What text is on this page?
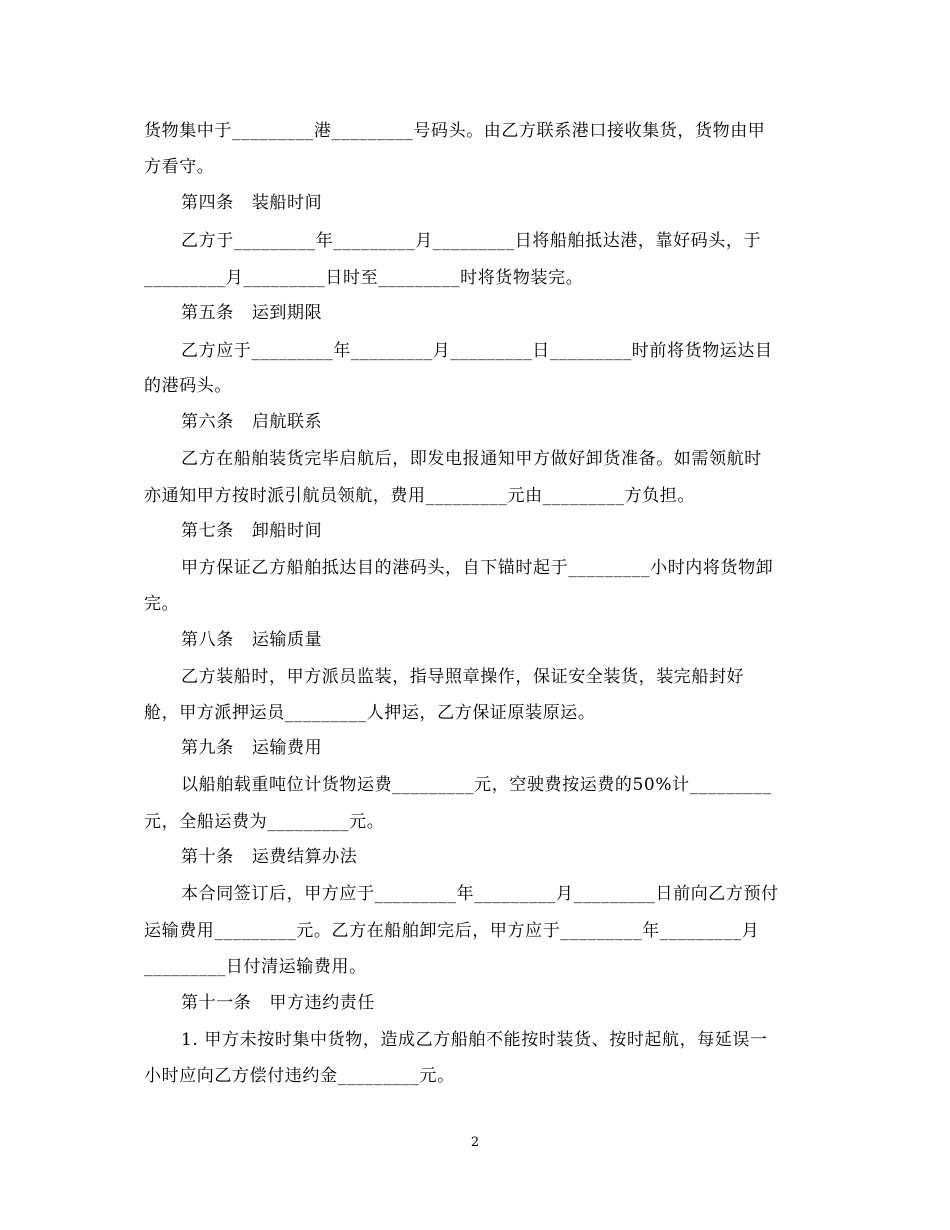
货物集中于_________港_________号码头。由乙方联系港口接收集货，货物由甲
方看守。
第四条 装船时间
乙方于_________年_________月_________日将船舶抵达港，靠好码头，于
_________月_________日时至_________时将货物装完。
第五条 运到期限
乙方应于_________年_________月_________日_________时前将货物运达目
的港码头。
第六条 启航联系
乙方在船舶装货完毕启航后，即发电报通知甲方做好卸货准备。如需领航时
亦通知甲方按时派引航员领航，费用_________元由_________方负担。
第七条 卸船时间
甲方保证乙方船舶抵达目的港码头，自下锚时起于_________小时内将货物卸
完。
第八条 运输质量
乙方装船时，甲方派员监装，指导照章操作，保证安全装货，装完船封好
舱，甲方派押运员_________人押运，乙方保证原装原运。
第九条 运输费用
以船舶载重吨位计货物运费_________元，空驶费按运费的50%计_________
元，全船运费为_________元。
第十条 运费结算办法
本合同签订后，甲方应于_________年_________月_________日前向乙方预付
运输费用_________元。乙方在船舶卸完后，甲方应于_________年_________月
_________日付清运输费用。
第十一条 甲方违约责任
1. 甲方未按时集中货物，造成乙方船舶不能按时装货、按时起航，每延误一
小时应向乙方偿付违约金_________元。
2
